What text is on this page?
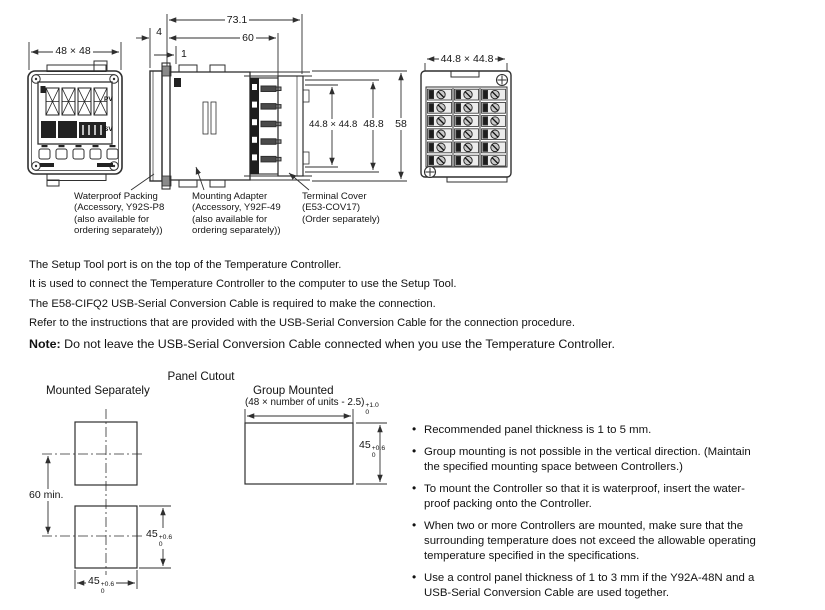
48 × 48
PV
SV
73.1
60
4
1
44.8 × 44.8 48.8	58
44.8 × 44.8
Waterproof Packing
(Accessory, Y92S-P8
(also available for
ordering separately))
Mounting Adapter
(Accessory, Y92F-49
(also available for
ordering separately))
Terminal Cover
(E53-COV17)
(Order separately)
The Setup Tool port is on the top of the Temperature Controller.
It is used to connect the Temperature Controller to the computer to use the Setup Tool.
The E58-CIFQ2 USB-Serial Conversion Cable is required to make the connection.
Refer to the instructions that are provided with the USB-Serial Conversion Cable for the connection procedure.
Note: Do not leave the USB-Serial Conversion Cable connected when you use the Temperature Controller.
Panel Cutout
Mounted Separately	Group Mounted
(48 × number of units - 2.5) +1.0
0
45 +0.6
0
60 min.
45 +0.6
0
45 +0.6
0
• Recommended panel thickness is 1 to 5 mm.
• Group mounting is not possible in the vertical direction. (Maintain
the specified mounting space between Controllers.)
• To mount the Controller so that it is waterproof, insert the water-
proof packing onto the Controller.
• When two or more Controllers are mounted, make sure that the
surrounding temperature does not exceed the allowable operating
temperature specified in the specifications.
• Use a control panel thickness of 1 to 3 mm if the Y92A-48N and a
USB-Serial Conversion Cable are used together.
